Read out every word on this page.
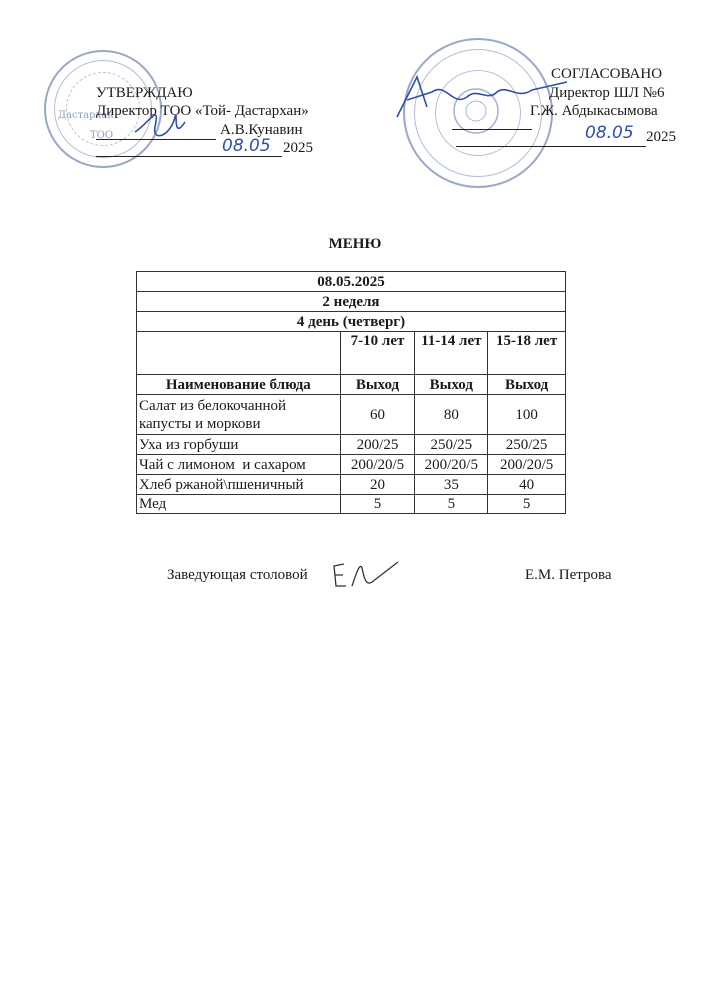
Дастархан
ТОО
УТВЕРЖДАЮ
Директор ТОО «Той- Дастархан»
А.В.Кунавин
08.05 2025
СОГЛАСОВАНО
Директор ШЛ №6
Г.Ж. Абдыкасымова
08.05 2025
МЕНЮ
08.05.2025			
2 неделя			
4 день (четверг)			
	7-10 лет	11-14 лет	15-18 лет
Наименование блюда	Выход	Выход	Выход
Салат из белокочанной капусты и моркови	60	80	100
Уха из горбуши	200/25	250/25	250/25
Чай с лимоном  и сахаром	200/20/5	200/20/5	200/20/5
Хлеб ржаной\пшеничный	20	35	40
Мед	5	5	5
Заведующая столовой	Е.М. Петрова
